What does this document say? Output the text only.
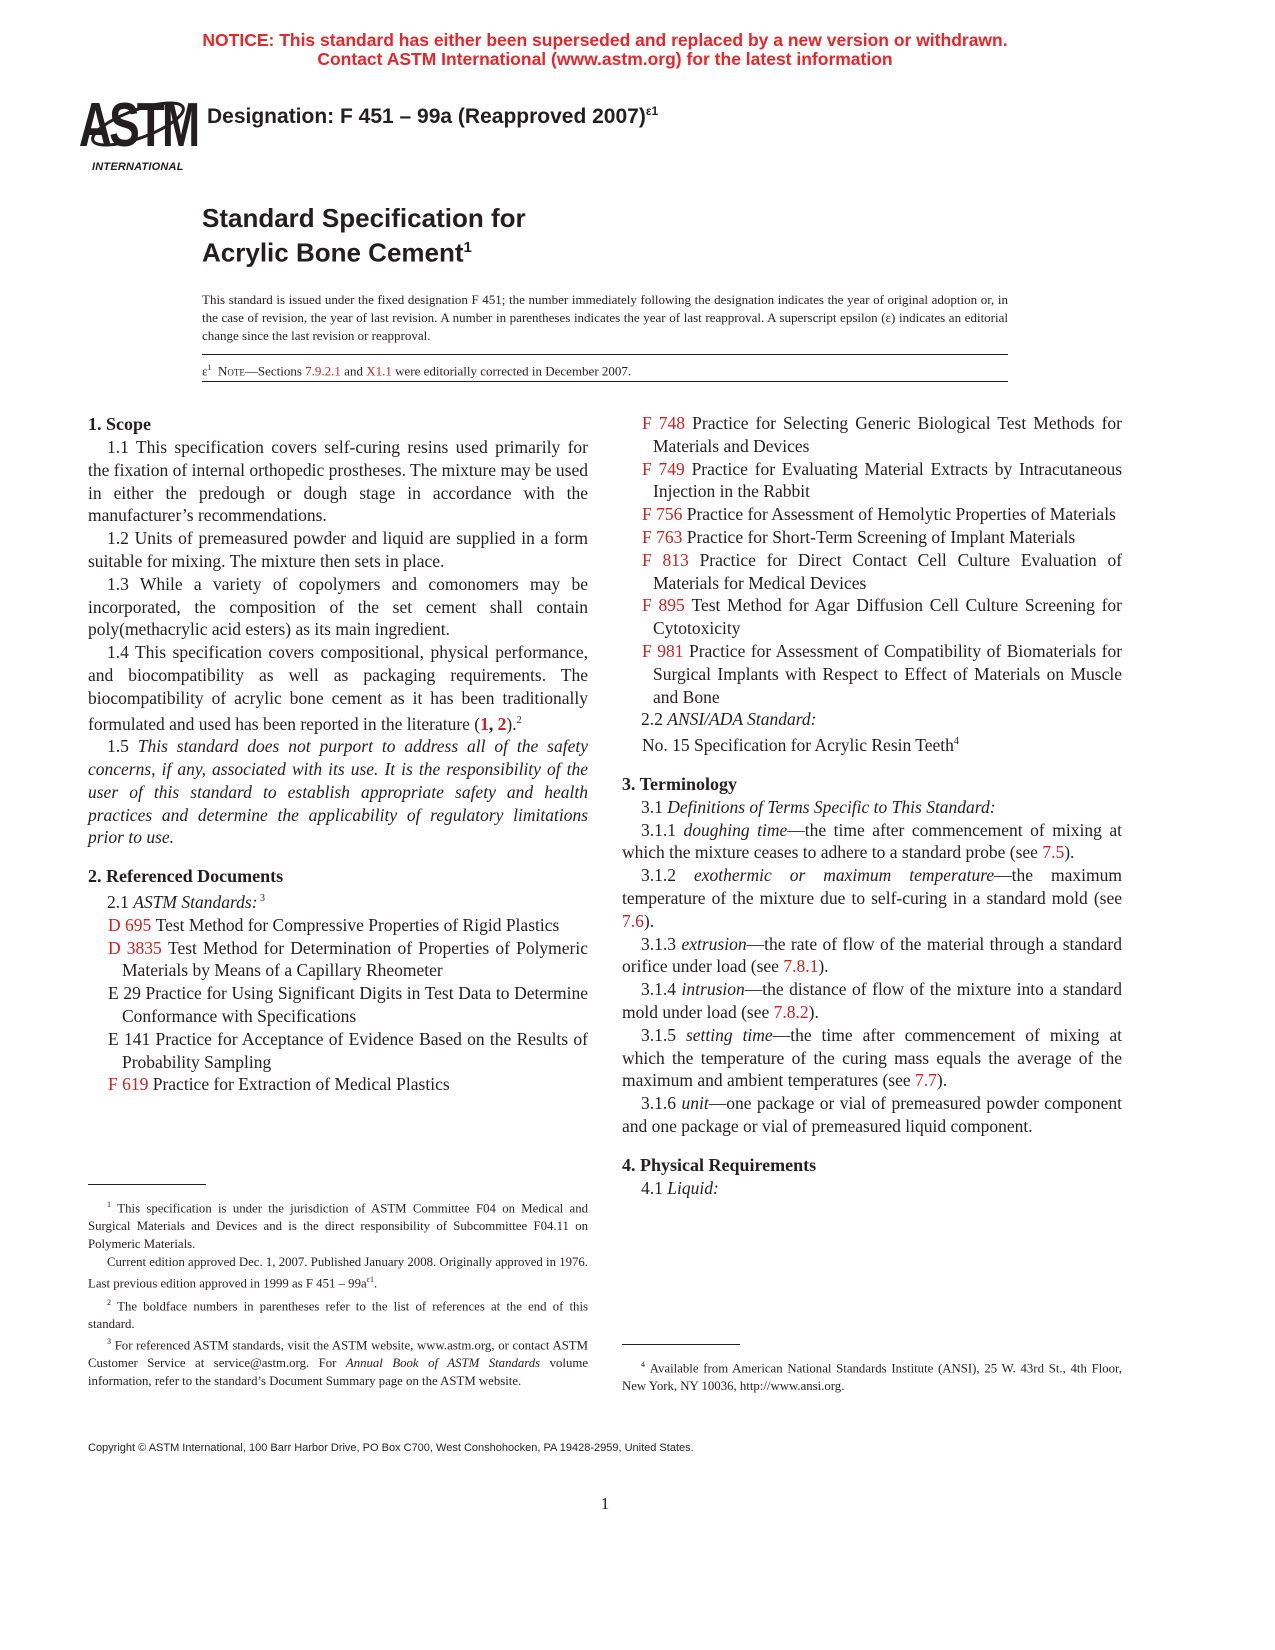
NOTICE: This standard has either been superseded and replaced by a new version or withdrawn.
Contact ASTM International (www.astm.org) for the latest information
ASTM
INTERNATIONAL
Designation: F 451 – 99a (Reapproved 2007)$^{\varepsilon 1}$
Standard Specification for
Acrylic Bone Cement$^1$
This standard is issued under the fixed designation F 451; the number immediately following the designation indicates the year of original adoption or, in the case of revision, the year of last revision. A number in parentheses indicates the year of last reapproval. A superscript epsilon (ε) indicates an editorial change since the last revision or reapproval.
$\varepsilon^1$ Note—Sections 7.9.2.1 and X1.1 were editorially corrected in December 2007.
1. Scope

1.1 This specification covers self-curing resins used primarily for the fixation of internal orthopedic prostheses. The mixture may be used in either the predough or dough stage in accordance with the manufacturer’s recommendations.

1.2 Units of premeasured powder and liquid are supplied in a form suitable for mixing. The mixture then sets in place.

1.3 While a variety of copolymers and comonomers may be incorporated, the composition of the set cement shall contain poly(methacrylic acid esters) as its main ingredient.

1.4 This specification covers compositional, physical performance, and biocompatibility as well as packaging requirements. The biocompatibility of acrylic bone cement as it has been traditionally formulated and used has been reported in the literature (1, 2).$^2$

1.5 This standard does not purport to address all of the safety concerns, if any, associated with its use. It is the responsibility of the user of this standard to establish appropriate safety and health practices and determine the applicability of regulatory limitations prior to use.

2. Referenced Documents

2.1 ASTM Standards: $^3$

D 695 Test Method for Compressive Properties of Rigid Plastics

D 3835 Test Method for Determination of Properties of Polymeric Materials by Means of a Capillary Rheometer

E 29 Practice for Using Significant Digits in Test Data to Determine Conformance with Specifications

E 141 Practice for Acceptance of Evidence Based on the Results of Probability Sampling

F 619 Practice for Extraction of Medical Plastics

F 748 Practice for Selecting Generic Biological Test Methods for Materials and Devices

F 749 Practice for Evaluating Material Extracts by Intracutaneous Injection in the Rabbit

F 756 Practice for Assessment of Hemolytic Properties of Materials

F 763 Practice for Short-Term Screening of Implant Materials

F 813 Practice for Direct Contact Cell Culture Evaluation of Materials for Medical Devices

F 895 Test Method for Agar Diffusion Cell Culture Screening for Cytotoxicity

F 981 Practice for Assessment of Compatibility of Biomaterials for Surgical Implants with Respect to Effect of Materials on Muscle and Bone

2.2 ANSI/ADA Standard:

No. 15 Specification for Acrylic Resin Teeth$^4$

3. Terminology

3.1 Definitions of Terms Specific to This Standard:

3.1.1 doughing time—the time after commencement of mixing at which the mixture ceases to adhere to a standard probe (see 7.5).

3.1.2 exothermic or maximum temperature—the maximum temperature of the mixture due to self-curing in a standard mold (see 7.6).

3.1.3 extrusion—the rate of flow of the material through a standard orifice under load (see 7.8.1).

3.1.4 intrusion—the distance of flow of the mixture into a standard mold under load (see 7.8.2).

3.1.5 setting time—the time after commencement of mixing at which the temperature of the curing mass equals the average of the maximum and ambient temperatures (see 7.7).

3.1.6 unit—one package or vial of premeasured powder component and one package or vial of premeasured liquid component.

4. Physical Requirements

4.1 Liquid:

$^1$ This specification is under the jurisdiction of ASTM Committee F04 on Medical and Surgical Materials and Devices and is the direct responsibility of Subcommittee F04.11 on Polymeric Materials.

Current edition approved Dec. 1, 2007. Published January 2008. Originally approved in 1976. Last previous edition approved in 1999 as F $451 - 99a^{\varepsilon 1}$.

$^2$ The boldface numbers in parentheses refer to the list of references at the end of this standard.

$^3$ For referenced ASTM standards, visit the ASTM website, www.astm.org, or contact ASTM Customer Service at service@astm.org. For Annual Book of ASTM Standards volume information, refer to the standard’s Document Summary page on the ASTM website.

$^4$ Available from American National Standards Institute (ANSI), 25 W. 43rd St., 4th Floor, New York, NY 10036, http://www.ansi.org.

Copyright © ASTM International, 100 Barr Harbor Drive, PO Box C700, West Conshohocken, PA 19428-2959, United States.
1
